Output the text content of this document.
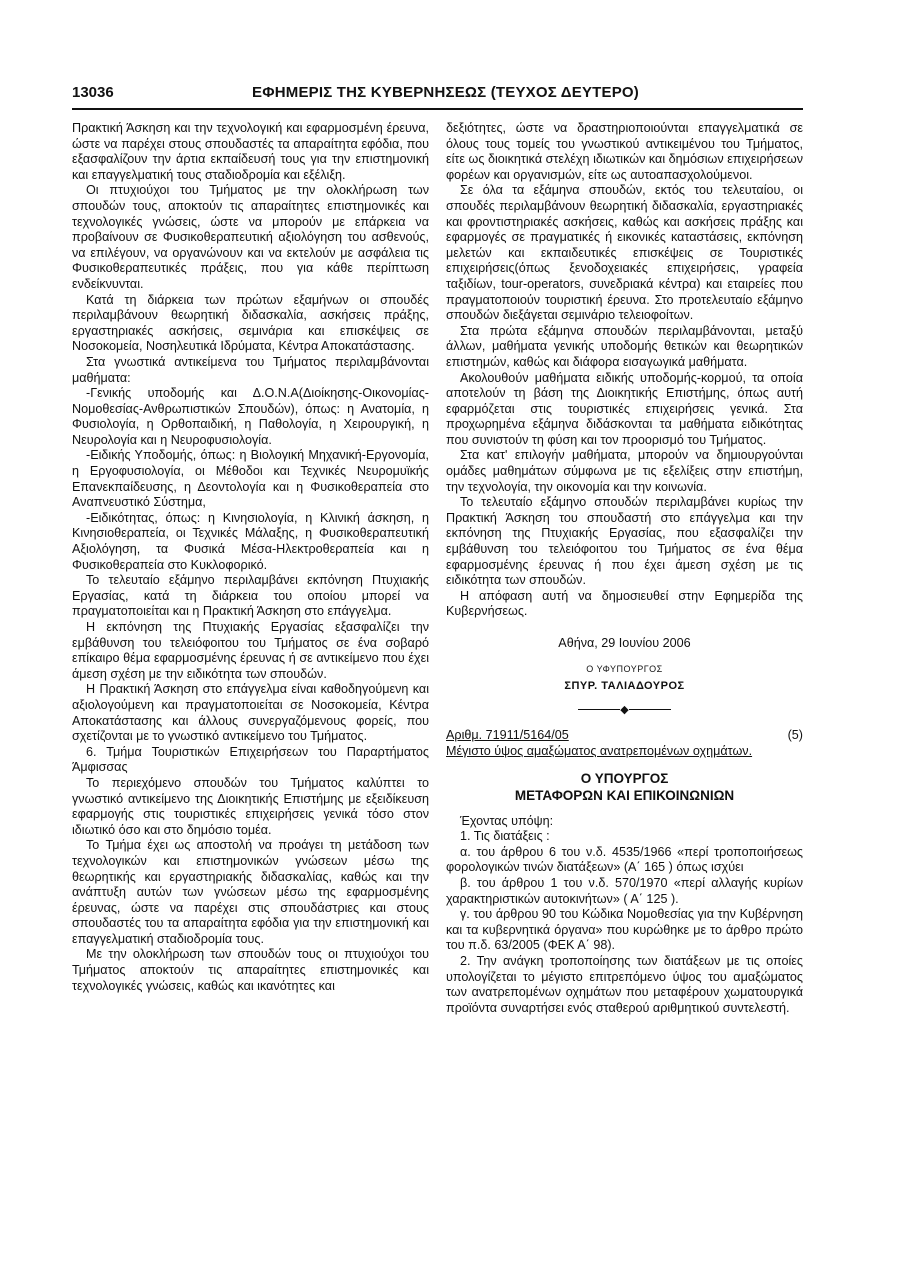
13036	ΕΦΗΜΕΡΙΣ ΤΗΣ ΚΥΒΕΡΝΗΣΕΩΣ (ΤΕΥΧΟΣ ΔΕΥΤΕΡΟ)

Πρακτική Άσκηση και την τεχνολογική και εφαρμοσμένη έρευνα, ώστε να παρέχει στους σπουδαστές τα απαραίτητα εφόδια, που εξασφαλίζουν την άρτια εκπαίδευσή τους για την επιστημονική και επαγγελματική τους σταδιοδρομία και εξέλιξη.

Οι πτυχιούχοι του Τμήματος με την ολοκλήρωση των σπουδών τους, αποκτούν τις απαραίτητες επιστημονικές και τεχνολογικές γνώσεις, ώστε να μπορούν με επάρκεια να προβαίνουν σε Φυσικοθεραπευτική αξιολόγηση του ασθενούς, να επιλέγουν, να οργανώνουν και να εκτελούν με ασφάλεια τις Φυσικοθεραπευτικές πράξεις, που για κάθε περίπτωση ενδείκνυνται.

Κατά τη διάρκεια των πρώτων εξαμήνων οι σπουδές περιλαμβάνουν θεωρητική διδασκαλία, ασκήσεις πράξης, εργαστηριακές ασκήσεις, σεμινάρια και επισκέψεις σε Νοσοκομεία, Νοσηλευτικά Ιδρύματα, Κέντρα Αποκατάστασης.

Στα γνωστικά αντικείμενα του Τμήματος περιλαμβάνονται μαθήματα:

-Γενικής υποδομής και Δ.Ο.Ν.Α(Διοίκησης-Οικονομίας-Νομοθεσίας-Ανθρωπιστικών Σπουδών), όπως: η Ανατομία, η Φυσιολογία, η Ορθοπαιδική, η Παθολογία, η Χειρουργική, η Νευρολογία και η Νευροφυσιολογία.

-Ειδικής Υποδομής, όπως: η Βιολογική Μηχανική-Εργονομία, η Εργοφυσιολογία, οι Μέθοδοι και Τεχνικές Νευρομυϊκής Επανεκπαίδευσης, η Δεοντολογία και η Φυσικοθεραπεία στο Αναπνευστικό Σύστημα,

-Ειδικότητας, όπως: η Κινησιολογία, η Κλινική άσκηση, η Κινησιοθεραπεία, οι Τεχνικές Μάλαξης, η Φυσικοθεραπευτική Αξιολόγηση, τα Φυσικά Μέσα-Ηλεκτροθεραπεία και η Φυσικοθεραπεία στο Κυκλοφορικό.

Το τελευταίο εξάμηνο περιλαμβάνει εκπόνηση Πτυχιακής Εργασίας, κατά τη διάρκεια του οποίου μπορεί να πραγματοποιείται και η Πρακτική Άσκηση στο επάγγελμα.

Η εκπόνηση της Πτυχιακής Εργασίας εξασφαλίζει την εμβάθυνση του τελειόφοιτου του Τμήματος σε ένα σοβαρό επίκαιρο θέμα εφαρμοσμένης έρευνας ή σε αντικείμενο που έχει άμεση σχέση με την ειδικότητα των σπουδών.

Η Πρακτική Άσκηση στο επάγγελμα είναι καθοδηγούμενη και αξιολογούμενη και πραγματοποιείται σε Νοσοκομεία, Κέντρα Αποκατάστασης και άλλους συνεργαζόμενους φορείς, που σχετίζονται με το γνωστικό αντικείμενο του Τμήματος.

6. Τμήμα Τουριστικών Επιχειρήσεων του Παραρτήματος Άμφισσας

Το περιεχόμενο σπουδών του Τμήματος καλύπτει το γνωστικό αντικείμενο της Διοικητικής Επιστήμης με εξειδίκευση εφαρμογής στις τουριστικές επιχειρήσεις γενικά τόσο στον ιδιωτικό όσο και στο δημόσιο τομέα.

Το Τμήμα έχει ως αποστολή να προάγει τη μετάδοση των τεχνολογικών και επιστημονικών γνώσεων μέσω της θεωρητικής και εργαστηριακής διδασκαλίας, καθώς και την ανάπτυξη αυτών των γνώσεων μέσω της εφαρμοσμένης έρευνας, ώστε να παρέχει στις σπουδάστριες και στους σπουδαστές του τα απαραίτητα εφόδια για την επιστημονική και επαγγελματική σταδιοδρομία τους.

Με την ολοκλήρωση των σπουδών τους οι πτυχιούχοι του Τμήματος αποκτούν τις απαραίτητες επιστημονικές και τεχνολογικές γνώσεις, καθώς και ικανότητες και

δεξιότητες, ώστε να δραστηριοποιούνται επαγγελματικά σε όλους τους τομείς του γνωστικού αντικειμένου του Τμήματος, είτε ως διοικητικά στελέχη ιδιωτικών και δημόσιων επιχειρήσεων φορέων και οργανισμών, είτε ως αυτοαπασχολούμενοι.

Σε όλα τα εξάμηνα σπουδών, εκτός του τελευταίου, οι σπουδές περιλαμβάνουν θεωρητική διδασκαλία, εργαστηριακές και φροντιστηριακές ασκήσεις, καθώς και ασκήσεις πράξης και εφαρμογές σε πραγματικές ή εικονικές καταστάσεις, εκπόνηση μελετών και εκπαιδευτικές επισκέψεις σε Τουριστικές επιχειρήσεις(όπως ξενοδοχειακές επιχειρήσεις, γραφεία ταξιδίων, tour-operators, συνεδριακά κέντρα) και εταιρείες που πραγματοποιούν τουριστική έρευνα. Στο προτελευταίο εξάμηνο σπουδών διεξάγεται σεμινάριο τελειοφοίτων.

Στα πρώτα εξάμηνα σπουδών περιλαμβάνονται, μεταξύ άλλων, μαθήματα γενικής υποδομής θετικών και θεωρητικών επιστημών, καθώς και διάφορα εισαγωγικά μαθήματα.

Ακολουθούν μαθήματα ειδικής υποδομής-κορμού, τα οποία αποτελούν τη βάση της Διοικητικής Επιστήμης, όπως αυτή εφαρμόζεται στις τουριστικές επιχειρήσεις γενικά. Στα προχωρημένα εξάμηνα διδάσκονται τα μαθήματα ειδικότητας που συνιστούν τη φύση και τον προορισμό του Τμήματος.

Στα κατ' επιλογήν μαθήματα, μπορούν να δημιουργούνται ομάδες μαθημάτων σύμφωνα με τις εξελίξεις στην επιστήμη, την τεχνολογία, την οικονομία και την κοινωνία.

Το τελευταίο εξάμηνο σπουδών περιλαμβάνει κυρίως την Πρακτική Άσκηση του σπουδαστή στο επάγγελμα και την εκπόνηση της Πτυχιακής Εργασίας, που εξασφαλίζει την εμβάθυνση του τελειόφοιτου του Τμήματος σε ένα θέμα εφαρμοσμένης έρευνας ή που έχει άμεση σχέση με τις ειδικότητα των σπουδών.

Η απόφαση αυτή να δημοσιευθεί στην Εφημερίδα της Κυβερνήσεως.

Αθήνα, 29 Ιουνίου 2006

Ο ΥΦΥΠΟΥΡΓΟΣ

ΣΠΥΡ. ΤΑΛΙΑΔΟΥΡΟΣ

◆

Αριθμ. 71911/5164/05	(5)

Μέγιστο ύψος αμαξώματος ανατρεπομένων οχημάτων.

Ο ΥΠΟΥΡΓΟΣ

ΜΕΤΑΦΟΡΩΝ ΚΑΙ ΕΠΙΚΟΙΝΩΝΙΩΝ

Έχοντας υπόψη:

1. Τις διατάξεις :

α. του άρθρου 6 του ν.δ. 4535/1966 «περί τροποποιήσεως φορολογικών τινών διατάξεων» (Α΄ 165 ) όπως ισχύει

β. του άρθρου 1 του ν.δ. 570/1970 «περί αλλαγής κυρίων χαρακτηριστικών αυτοκινήτων» ( Α΄ 125 ).

γ. του άρθρου 90 του Κώδικα Νομοθεσίας για την Κυβέρνηση και τα κυβερνητικά όργανα» που κυρώθηκε με το άρθρο πρώτο του π.δ. 63/2005 (ΦΕΚ Α΄ 98).

2. Την ανάγκη τροποποίησης των διατάξεων με τις οποίες υπολογίζεται το μέγιστο επιτρεπόμενο ύψος του αμαξώματος των ανατρεπομένων οχημάτων που μεταφέρουν χωματουργικά προϊόντα συναρτήσει ενός σταθερού αριθμητικού συντελεστή.
